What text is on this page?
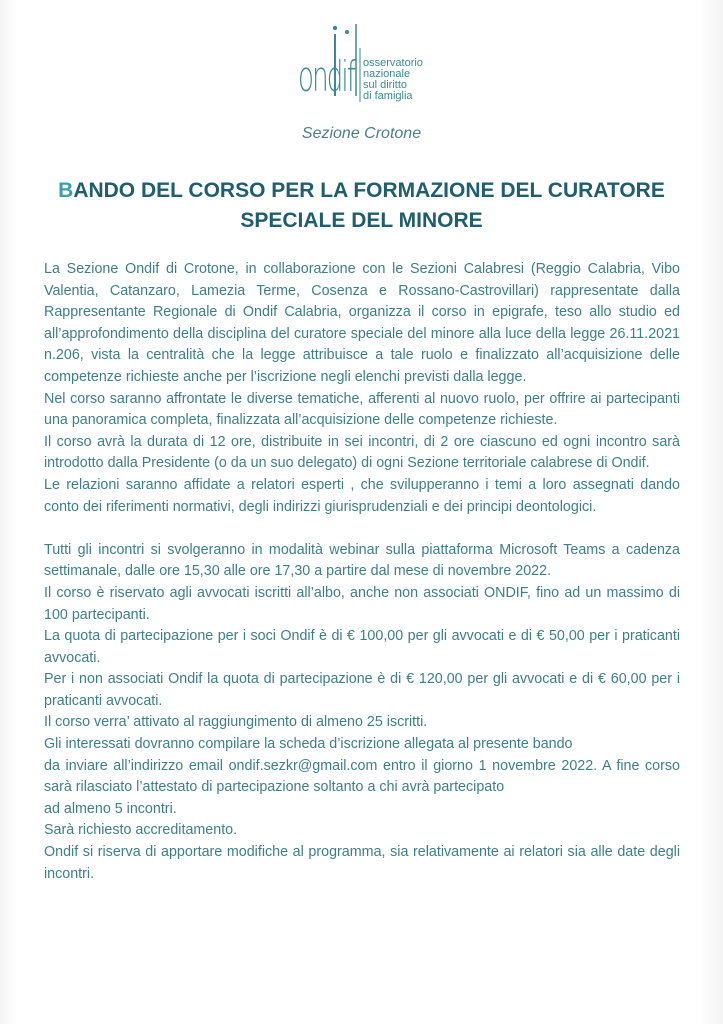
ondif osservatorio
nazionale
sul diritto
di famiglia
Sezione Crotone
BANDO DEL CORSO PER LA FORMAZIONE DEL CURATORE
SPECIALE DEL MINORE

La Sezione Ondif di Crotone, in collaborazione con le Sezioni Calabresi (Reggio Calabria, Vibo Valentia, Catanzaro, Lamezia Terme, Cosenza e Rossano-Castrovillari) rappresentate dalla Rappresentante Regionale di Ondif Calabria, organizza il corso in epigrafe, teso allo studio ed all’approfondimento della disciplina del curatore speciale del minore alla luce della legge 26.11.2021 n.206, vista la centralità che la legge attribuisce a tale ruolo e finalizzato all’acquisizione delle competenze richieste anche per l’iscrizione negli elenchi previsti dalla legge.

Nel corso saranno affrontate le diverse tematiche, afferenti al nuovo ruolo, per offrire ai partecipanti una panoramica completa, finalizzata all’acquisizione delle competenze richieste.

Il corso avrà la durata di 12 ore, distribuite in sei incontri, di 2 ore ciascuno ed ogni incontro sarà introdotto dalla Presidente (o da un suo delegato) di ogni Sezione territoriale calabrese di Ondif.

Le relazioni saranno affidate a relatori esperti , che svilupperanno i temi a loro assegnati dando conto dei riferimenti normativi, degli indirizzi giurisprudenziali e dei principi deontologici.

Tutti gli incontri si svolgeranno in modalità webinar sulla piattaforma Microsoft Teams a cadenza settimanale, dalle ore 15,30 alle ore 17,30 a partire dal mese di novembre 2022.

Il corso è riservato agli avvocati iscritti all’albo, anche non associati ONDIF, fino ad un massimo di 100 partecipanti.

La quota di partecipazione per i soci Ondif è di € 100,00 per gli avvocati e di € 50,00 per i praticanti avvocati.

Per i non associati Ondif la quota di partecipazione è di € 120,00 per gli avvocati e di € 60,00 per i praticanti avvocati.

Il corso verra’ attivato al raggiungimento di almeno 25 iscritti.

Gli interessati dovranno compilare la scheda d’iscrizione allegata al presente bando

da inviare all’indirizzo email ondif.sezkr@gmail.com entro il giorno 1 novembre 2022. A fine corso sarà rilasciato l’attestato di partecipazione soltanto a chi avrà partecipato

ad almeno 5 incontri.

Sarà richiesto accreditamento.

Ondif si riserva di apportare modifiche al programma, sia relativamente ai relatori sia alle date degli incontri.
